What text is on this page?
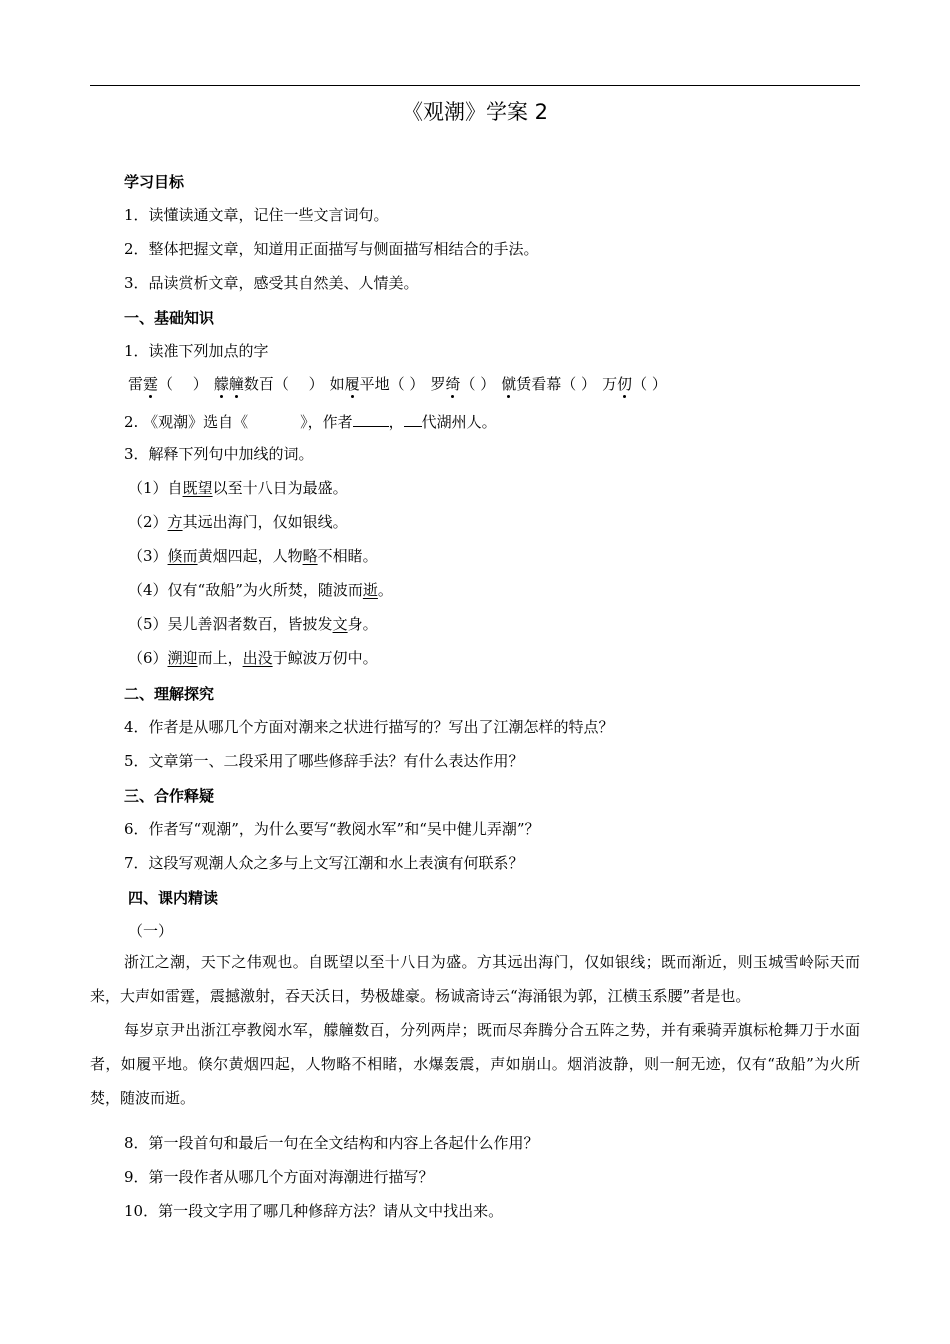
《观潮》学案 2
学习目标
1．读懂读通文章，记住一些文言词句。
2．整体把握文章，知道用正面描写与侧面描写相结合的手法。
3．品读赏析文章，感受其自然美、人情美。
一、基础知识
1．读准下列加点的字
雷霆（　 ） 艨艟数百（　 ） 如履平地（ ） 罗绮（ ） 僦赁看幕（ ） 万仞（ ）
2. 《观潮》选自《	》，作者 ， 代湖州人。
3．解释下列句中加线的词。
（1）自既望以至十八日为最盛。
（2）方其远出海门，仅如银线。
（3）倏而黄烟四起，人物略不相睹。
（4）仅有“敌船”为火所焚，随波而逝。
（5）吴儿善泅者数百，皆披发文身。
（6）溯迎而上，出没于鲸波万仞中。
二、理解探究
4．作者是从哪几个方面对潮来之状进行描写的？写出了江潮怎样的特点？
5．文章第一、二段采用了哪些修辞手法？有什么表达作用？
三、合作释疑
6．作者写“观潮”，为什么要写“教阅水军”和“吴中健儿弄潮”？
7．这段写观潮人众之多与上文写江潮和水上表演有何联系？
四、课内精读
（一）
浙江之潮，天下之伟观也。自既望以至十八日为盛。方其远出海门，仅如银线；既而渐近，则玉城雪岭际天而来，大声如雷霆，震撼激射，吞天沃日，势极雄豪。杨诚斋诗云“海涌银为郭，江横玉系腰”者是也。
每岁京尹出浙江亭教阅水军，艨艟数百，分列两岸；既而尽奔腾分合五阵之势，并有乘骑弄旗标枪舞刀于水面者，如履平地。倏尔黄烟四起，人物略不相睹，水爆轰震，声如崩山。烟消波静，则一舸无迹，仅有“敌船”为火所焚，随波而逝。
8．第一段首句和最后一句在全文结构和内容上各起什么作用？
9．第一段作者从哪几个方面对海潮进行描写？
10．第一段文字用了哪几种修辞方法？请从文中找出来。
